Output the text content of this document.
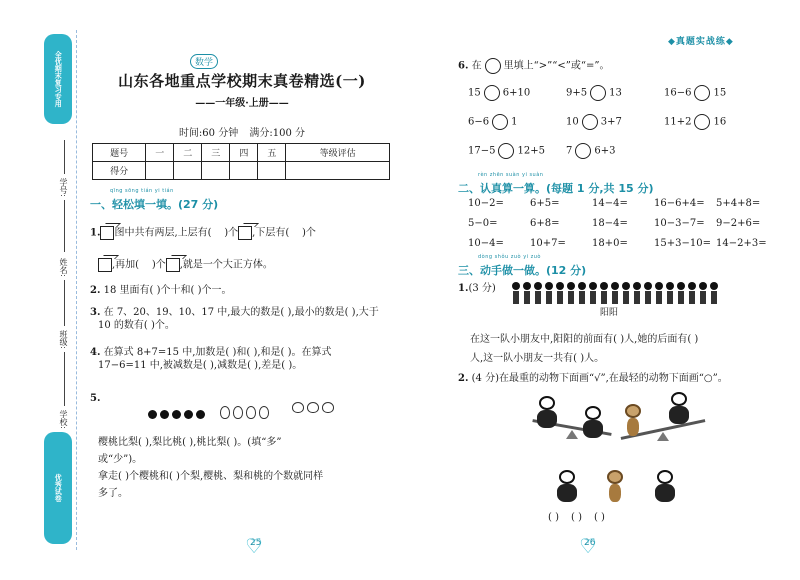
全优期末复习专用
学号:
姓名:
班级:
学校:
优秀试卷
数学
山东各地重点学校期末真卷精选(一)
——一年级·上册——
时间:60 分钟 满分:100 分
题号	一	二	三	四	五	等级评估
得分						
qīng sōng tián yi tián
一、轻松填一填。(27 分)
1. 图中共有两层,上层有( )个 ,下层有( )个
,再加( )个 ,就是一个大正方体。
2. 18 里面有( )个十和( )个一。
3. 在 7、20、19、10、17 中,最大的数是( ),最小的数是( ),大于
10 的数有( )个。
4. 在算式 8+7=15 中,加数是( )和( ),和是( )。在算式
17−6=11 中,被减数是( ),减数是( ),差是( )。
5.
樱桃比梨( ),梨比桃( ),桃比梨( )。(填“多”
或“少”)。
拿走( )个樱桃和( )个梨,樱桃、梨和桃的个数就同样
多了。
♡ 25
◆真题实战练◆
6. 在 里填上“>”“<”或“=”。
15 6+10	9+5 13	16−6 15
6−6 1	10 3+7	11+2 16
17−5 12+5	7 6+3
rèn zhēn suàn yi suàn
二、认真算一算。(每题 1 分,共 15 分)
10−2=	6+5=	14−4=	16−6+4=	5+4+8=
5−0=	6+8=	18−4=	10−3−7=	9−2+6=
10−4=	10+7=	18+0=	15+3−10= 14−2+3=
dòng shǒu zuò yi zuò
三、动手做一做。(12 分)
1.(3 分)
阳阳
在这一队小朋友中,阳阳的前面有( )人,她的后面有( )
人,这一队小朋友一共有( )人。
2. (4 分)在最重的动物下面画“√”,在最轻的动物下面画“○”。
( ) ( ) ( )
♡ 26
